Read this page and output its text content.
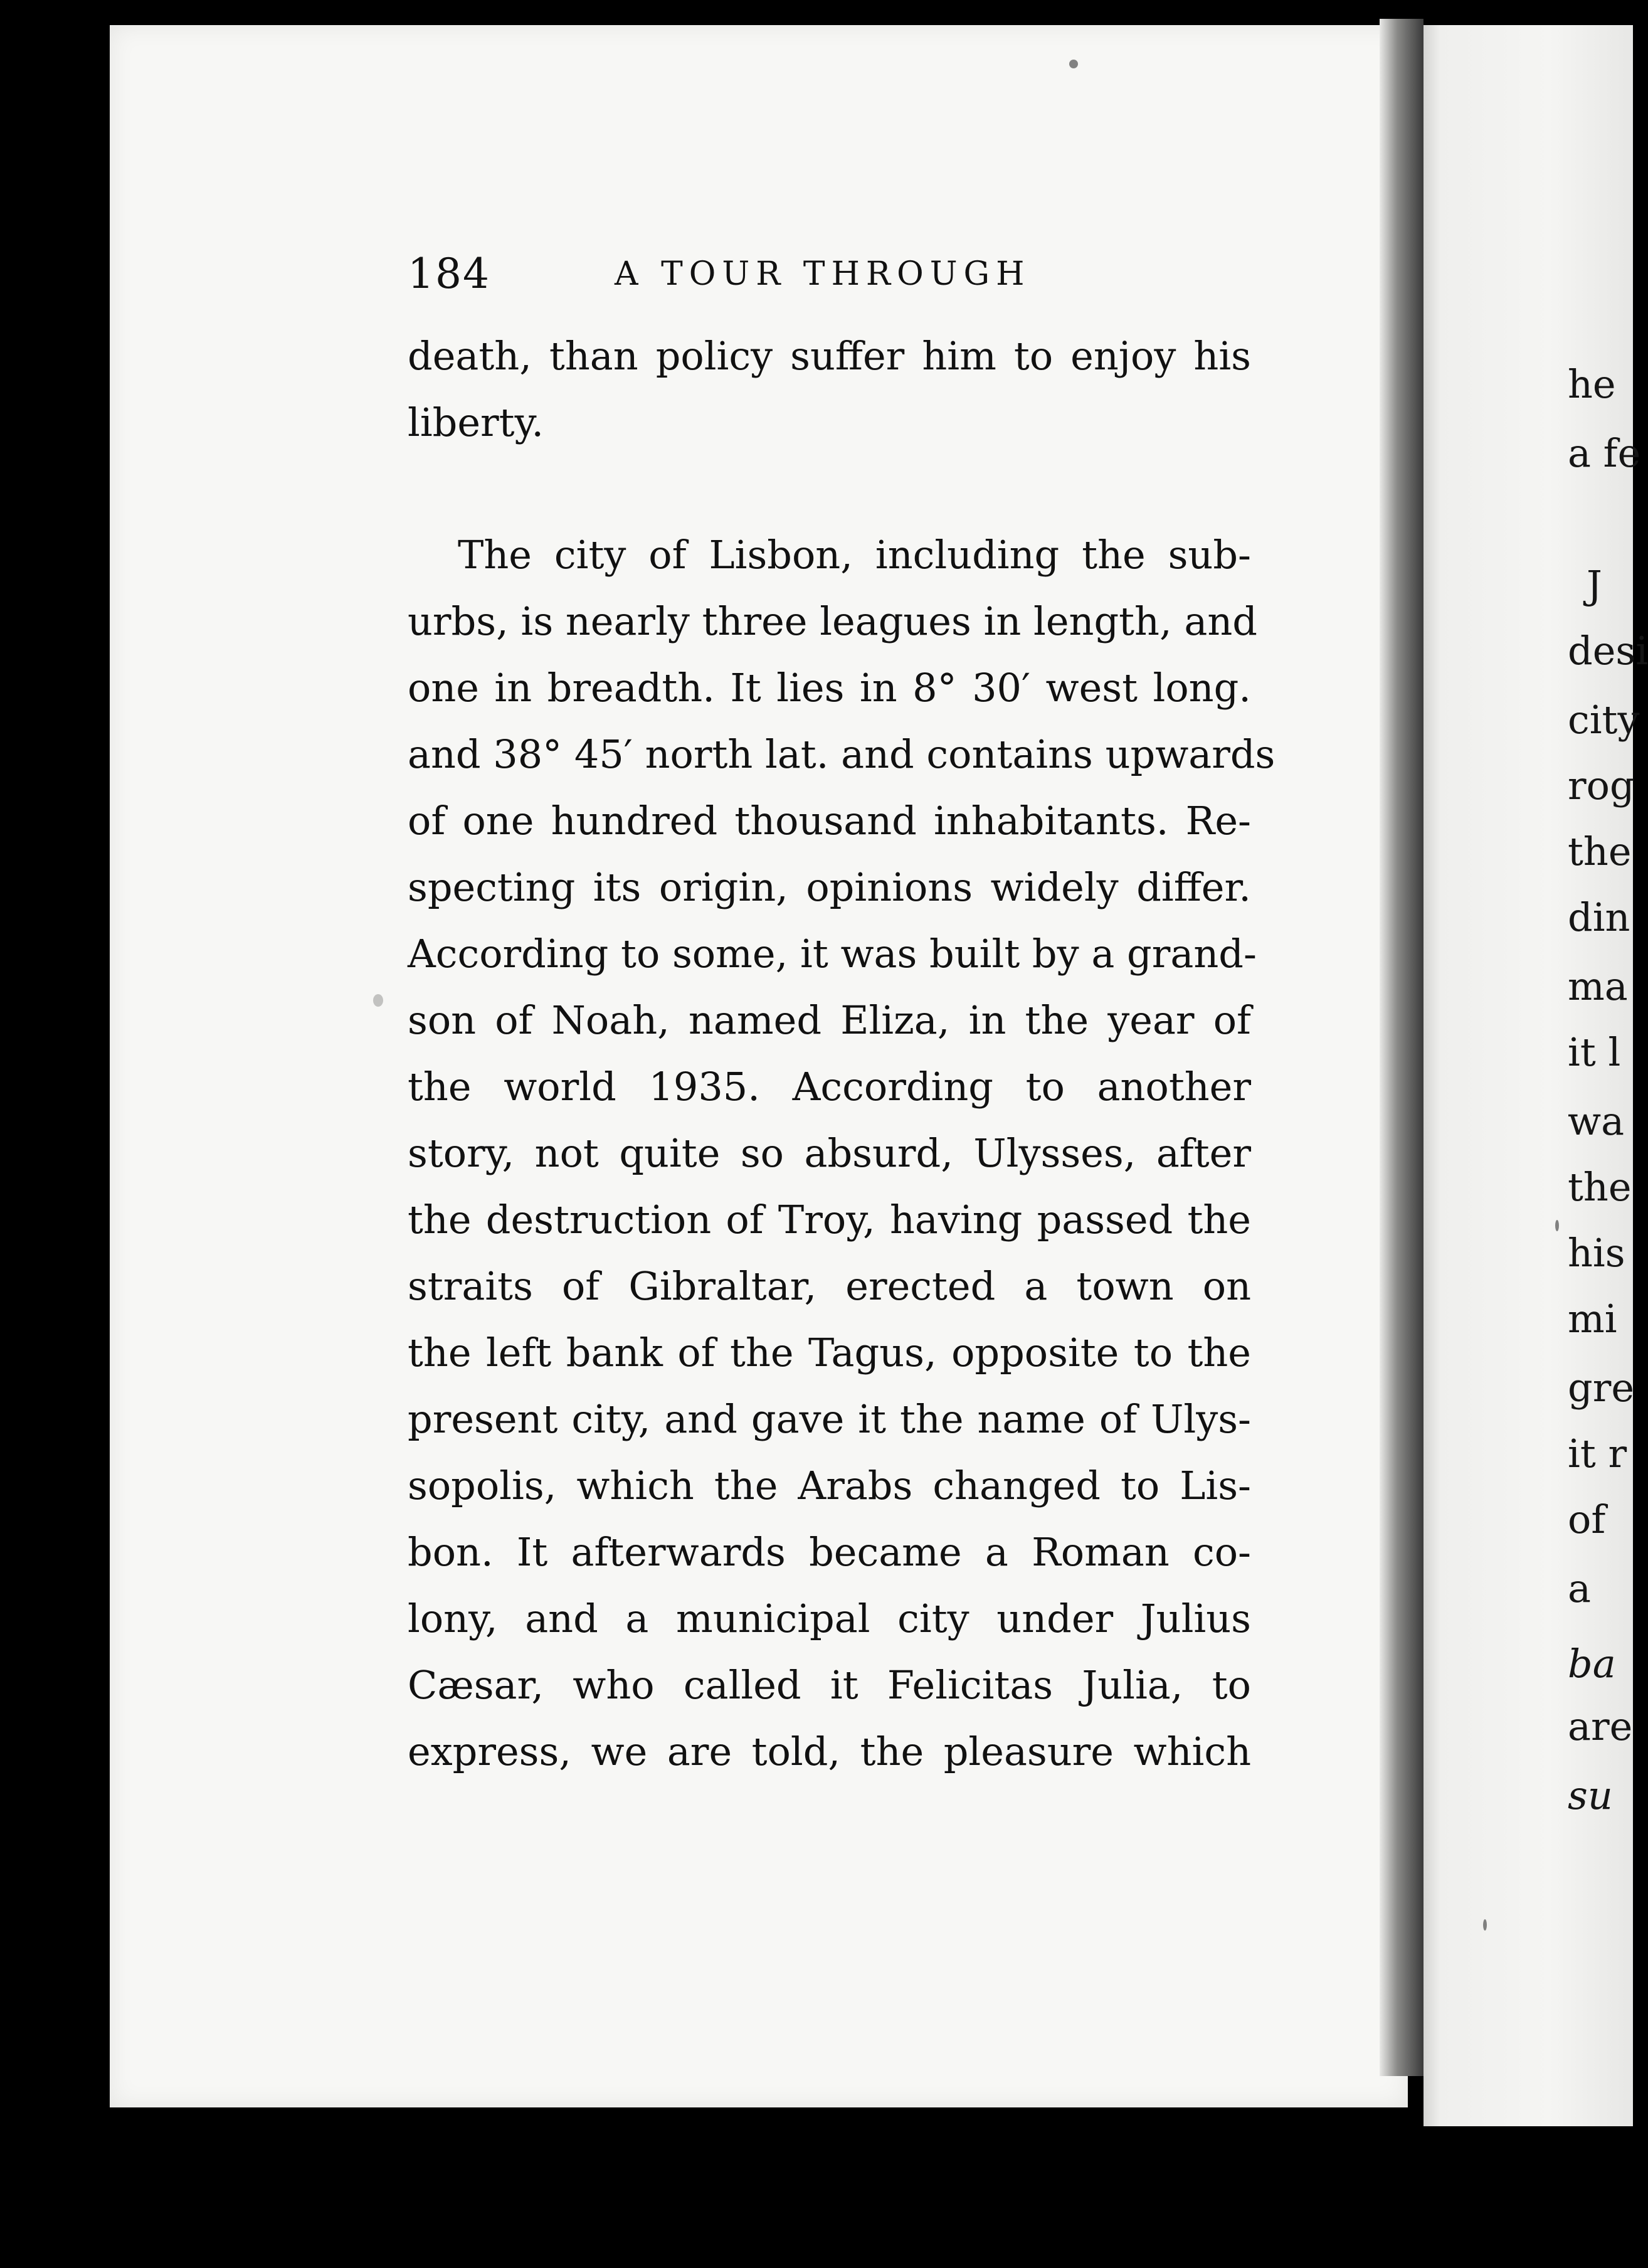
184	A TOUR THROUGH
death, than policy suffer him to enjoy his
liberty.
The city of Lisbon, including the sub-
urbs, is nearly three leagues in length, and
one in breadth. It lies in 8° 30′ west long.
and 38° 45′ north lat. and contains upwards
of one hundred thousand inhabitants. Re-
specting its origin, opinions widely differ.
According to some, it was built by a grand-
son of Noah, named Eliza, in the year of
the world 1935. According to another
story, not quite so absurd, Ulysses, after
the destruction of Troy, having passed the
straits of Gibraltar, erected a town on
the left bank of the Tagus, opposite to the
present city, and gave it the name of Ulys-
sopolis, which the Arabs changed to Lis-
bon. It afterwards became a Roman co-
lony, and a municipal city under Julius
Cæsar, who called it Felicitas Julia, to
express, we are told, the pleasure which
he
a fe
J
desi
city
rog
the
din
ma
it l
wa
the
his
mi
gre
it r
of
a
ba
are
su
